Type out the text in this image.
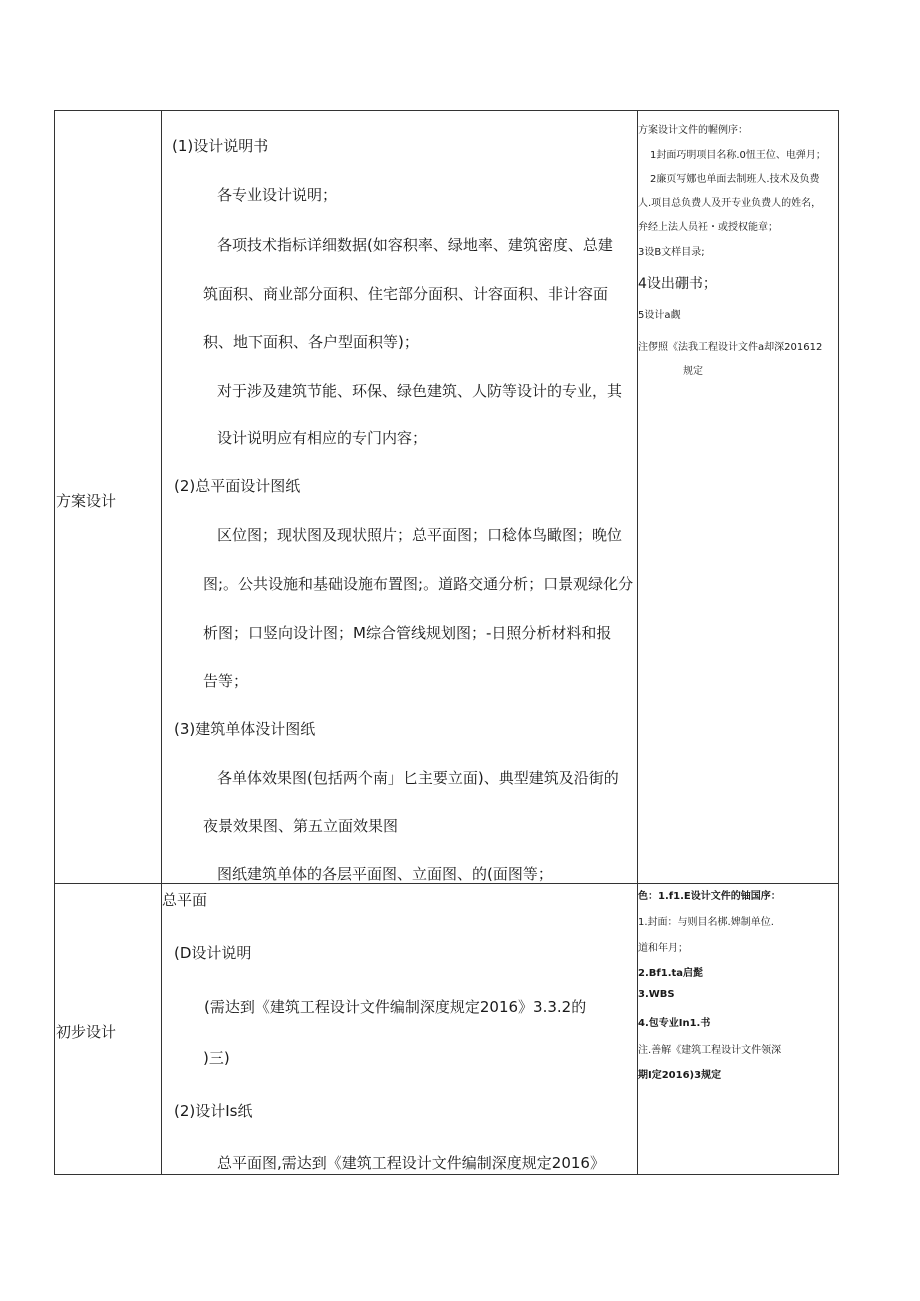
方案设计
(1)设计说明书
各专业设计说明；
各项技术指标详细数据(如容积率、绿地率、建筑密度、总建
筑面积、商业部分面积、住宅部分面积、计容面积、非计容面
积、地下面积、各户型面积等)；
对于涉及建筑节能、环保、绿色建筑、人防等设计的专业，其
设计说明应有相应的专门内容；
(2)总平面设计图纸
区位图；现状图及现状照片；总平面图；口稔体鸟瞰图；晚位
图;。公共设施和基础设施布置图;。道路交通分析；口景观绿化分
析图；口竖向设计图；M综合管线规划图；-日照分析材料和报
告等；
(3)建筑单体没计图纸
各单体效果图(包括两个南」匕主要立面)、典型建筑及沿街的
夜景效果图、第五立面效果图
图纸建筑单体的各层平面图、立面图、的(面图等；
方案设计文件的幄例序：
1封面巧明项目名称.0忸王位、电弹月；
2廉页写娜也单面去制班人.技术及负费
人.项目总负费人及开专业负费人的姓名，
弁经上法人员衽・或授权能章；
3设B文样目录;
4设出硼书；
5设计a觑
注㑩照《法我工程设计文件a却深201612
规定
初步设计
总平面
(D设计说明
(需达到《建筑工程设计文件编制深度规定2016》3.3.2的
)三)
(2)设计Is纸
总平面图,需达到《建筑工程设计文件编制深度规定2016》
色：1.f1.E设计文件的铀国序：
1.封面：与则目名梆.婢制单位.
道和年月；
2.Bf1.ta启髭
3.WBS
4.包专业In1.书
注.善解《建筑工程设计文件领深
期I定2016)3规定
